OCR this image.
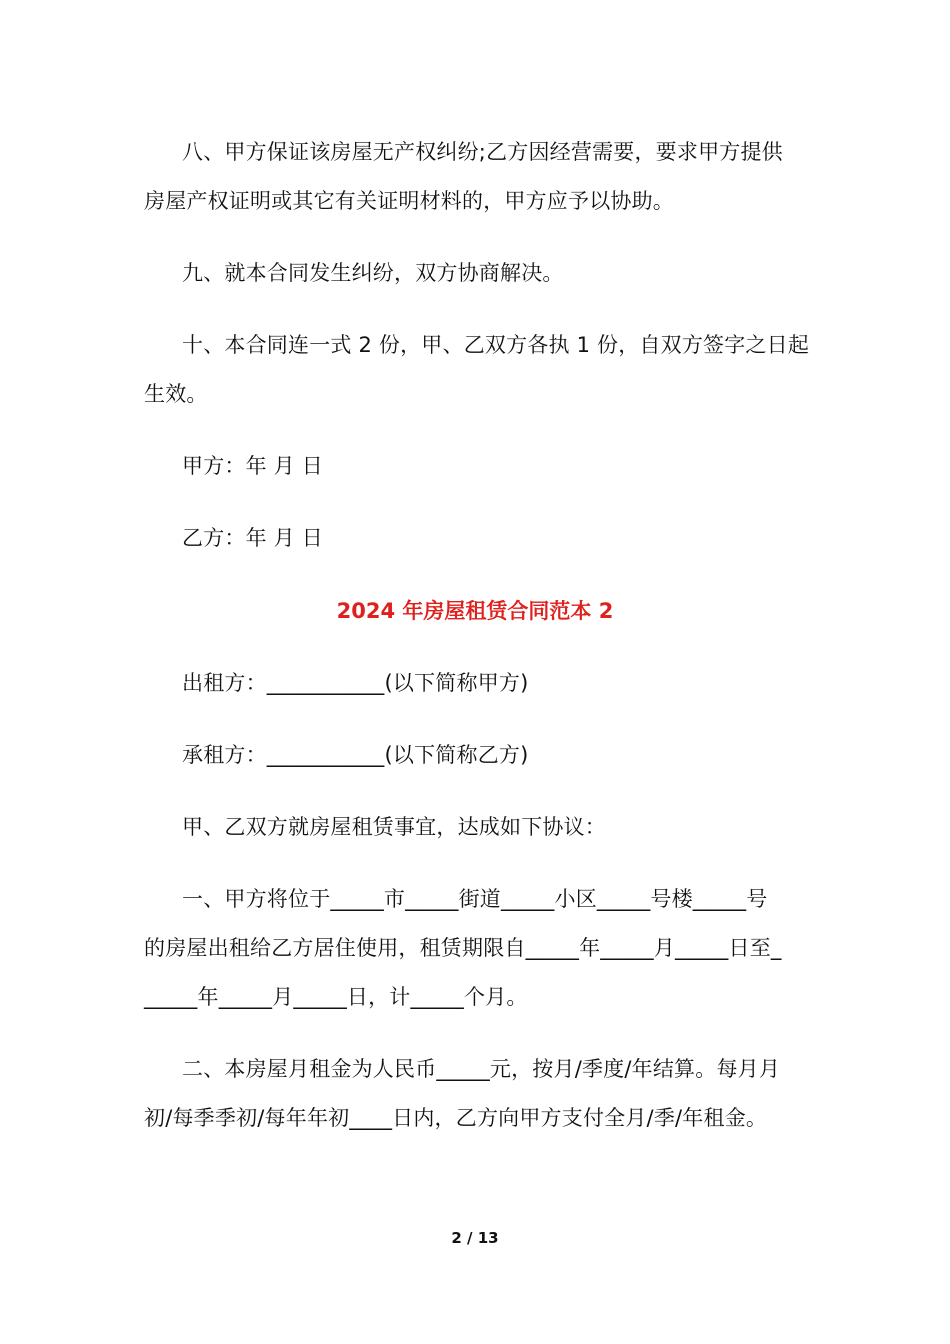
八、甲方保证该房屋无产权纠纷;乙方因经营需要，要求甲方提供
房屋产权证明或其它有关证明材料的，甲方应予以协助。
九、就本合同发生纠纷，双方协商解决。
十、本合同连一式 2 份，甲、乙双方各执 1 份，自双方签字之日起
生效。
甲方：年 月 日
乙方：年 月 日
2024 年房屋租赁合同范本 2
出租方：___________(以下简称甲方)
承租方：___________(以下简称乙方)
甲、乙双方就房屋租赁事宜，达成如下协议：
一、甲方将位于_____市_____街道_____小区_____号楼_____号
的房屋出租给乙方居住使用，租赁期限自_____年_____月_____日至_
_____年_____月_____日，计_____个月。
二、本房屋月租金为人民币_____元，按月/季度/年结算。每月月
初/每季季初/每年年初____日内，乙方向甲方支付全月/季/年租金。
2 / 13
